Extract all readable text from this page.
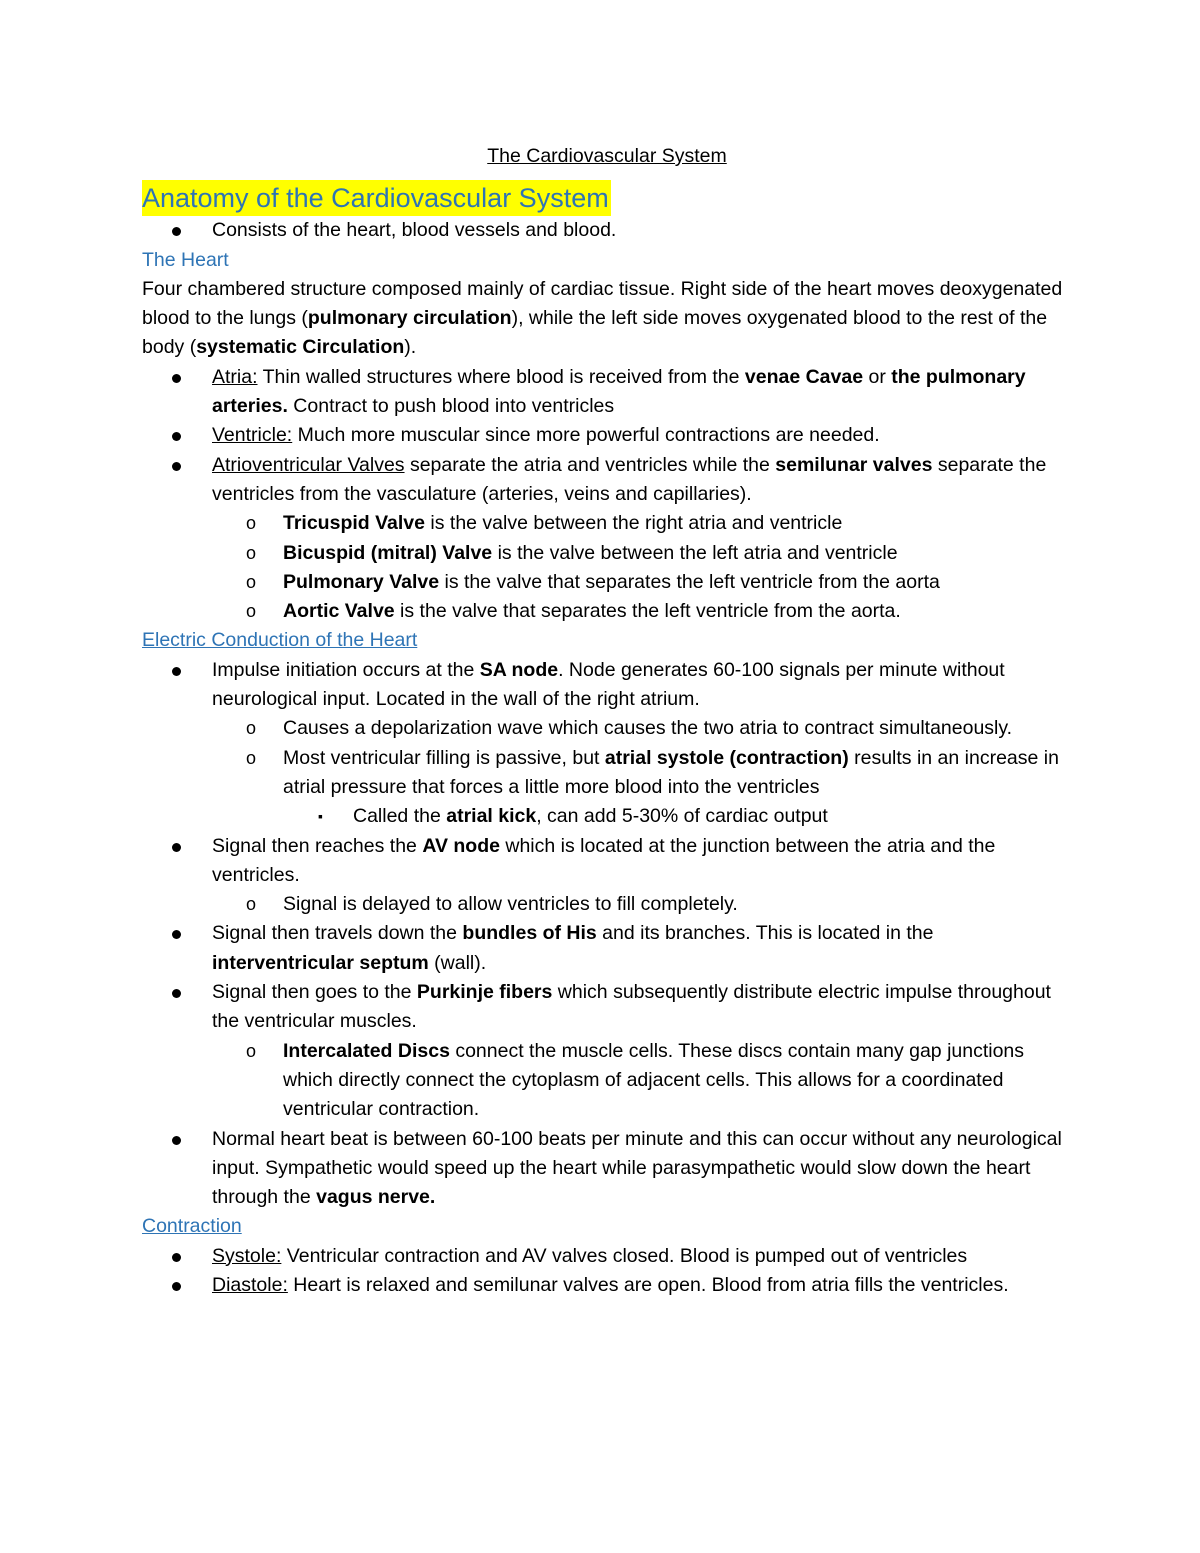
The Cardiovascular System
Anatomy of the Cardiovascular System
Consists of the heart, blood vessels and blood.
The Heart

Four chambered structure composed mainly of cardiac tissue. Right side of the heart moves deoxygenated blood to the lungs (pulmonary circulation), while the left side moves oxygenated blood to the rest of the body (systematic Circulation).

Atria: Thin walled structures where blood is received from the venae Cavae or the pulmonary arteries. Contract to push blood into ventricles
Ventricle: Much more muscular since more powerful contractions are needed.
Atrioventricular Valves separate the atria and ventricles while the semilunar valves separate the ventricles from the vasculature (arteries, veins and capillaries).
o Tricuspid Valve is the valve between the right atria and ventricle
o Bicuspid (mitral) Valve is the valve between the left atria and ventricle
o Pulmonary Valve is the valve that separates the left ventricle from the aorta
o Aortic Valve is the valve that separates the left ventricle from the aorta.
Electric Conduction of the Heart
Impulse initiation occurs at the SA node. Node generates 60-100 signals per minute without neurological input. Located in the wall of the right atrium.
o Causes a depolarization wave which causes the two atria to contract simultaneously.
o Most ventricular filling is passive, but atrial systole (contraction) results in an increase in atrial pressure that forces a little more blood into the ventricles
▪ Called the atrial kick, can add 5-30% of cardiac output
Signal then reaches the AV node which is located at the junction between the atria and the ventricles.
o Signal is delayed to allow ventricles to fill completely.
Signal then travels down the bundles of His and its branches. This is located in the interventricular septum (wall).
Signal then goes to the Purkinje fibers which subsequently distribute electric impulse throughout the ventricular muscles.
o Intercalated Discs connect the muscle cells. These discs contain many gap junctions which directly connect the cytoplasm of adjacent cells. This allows for a coordinated ventricular contraction.
Normal heart beat is between 60-100 beats per minute and this can occur without any neurological input. Sympathetic would speed up the heart while parasympathetic would slow down the heart through the vagus nerve.
Contraction
Systole: Ventricular contraction and AV valves closed. Blood is pumped out of ventricles
Diastole: Heart is relaxed and semilunar valves are open. Blood from atria fills the ventricles.
